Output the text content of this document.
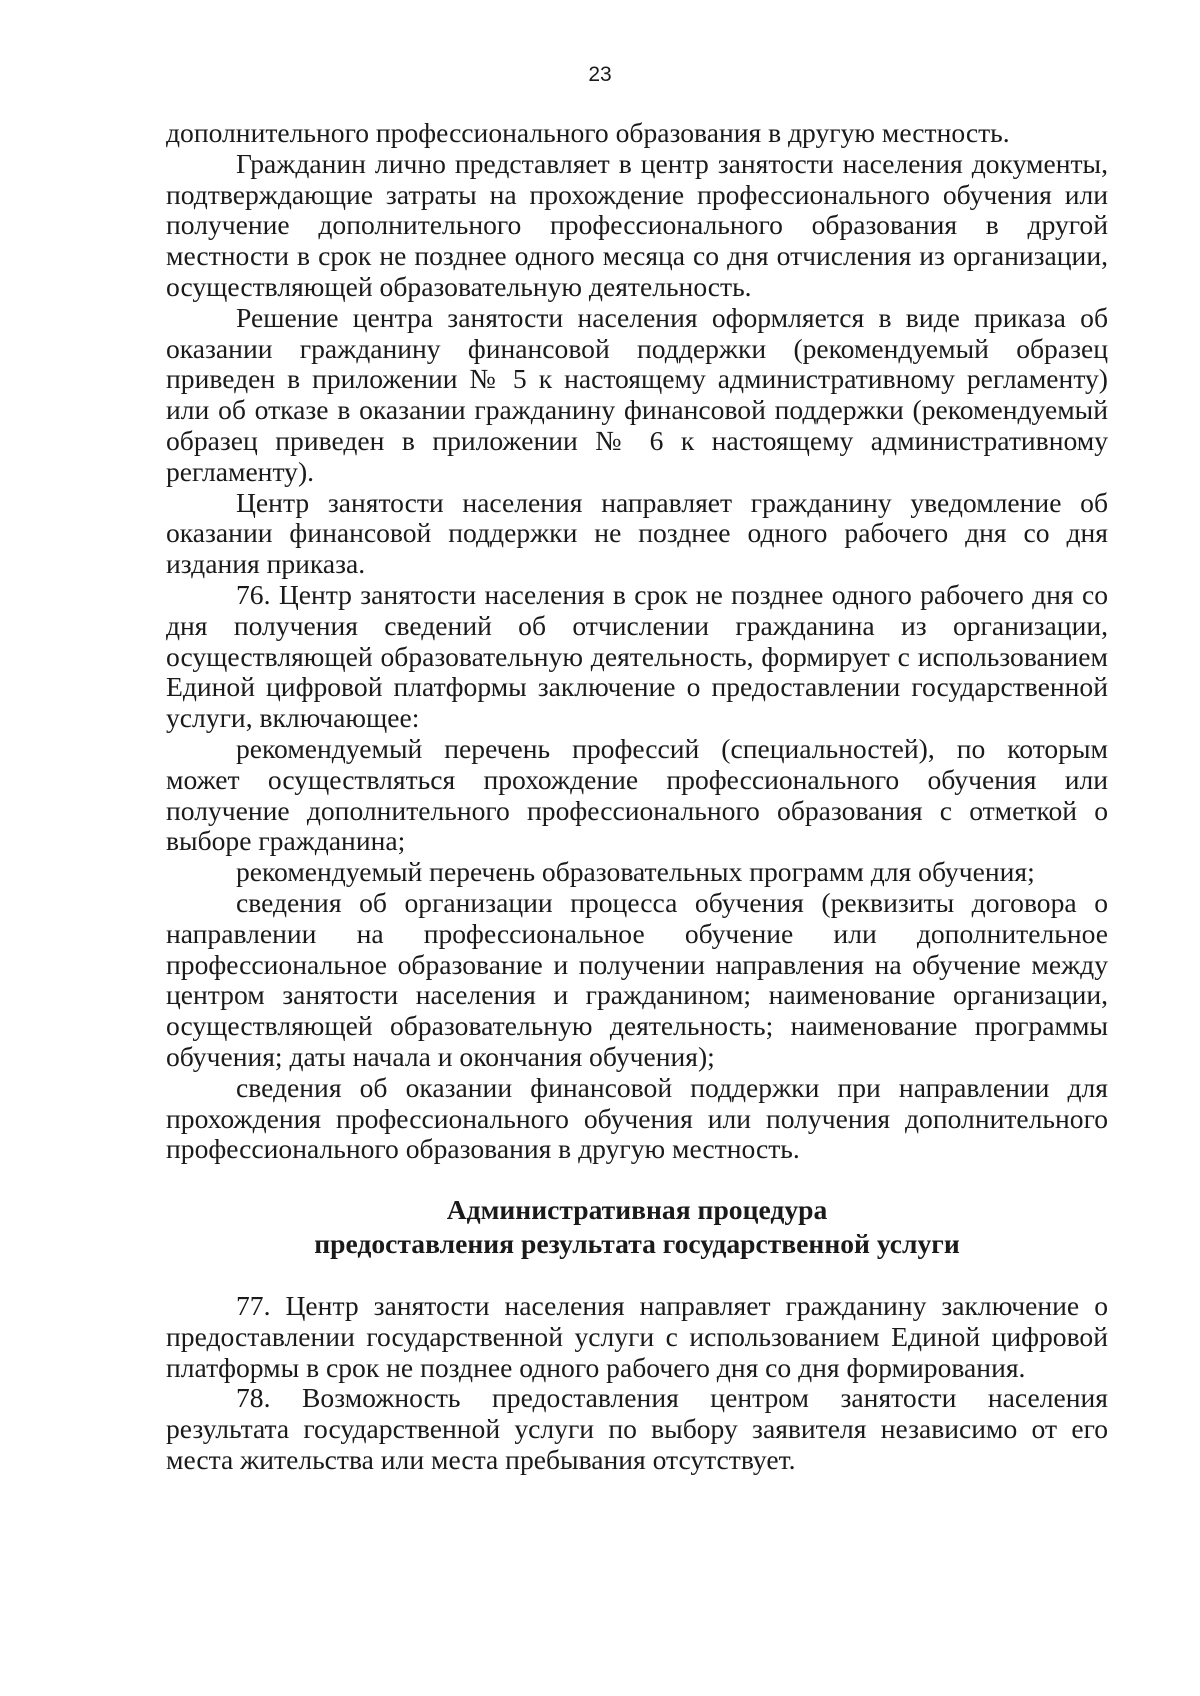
23

дополнительного профессионального образования в другую местность.

Гражданин лично представляет в центр занятости населения документы, подтверждающие затраты на прохождение профессионального обучения или получение дополнительного профессионального образования в другой местности в срок не позднее одного месяца со дня отчисления из организации, осуществляющей образовательную деятельность.

Решение центра занятости населения оформляется в виде приказа об оказании гражданину финансовой поддержки (рекомендуемый образец приведен в приложении № 5 к настоящему административному регламенту) или об отказе в оказании гражданину финансовой поддержки (рекомендуемый образец приведен в приложении № 6 к настоящему административному регламенту).

Центр занятости населения направляет гражданину уведомление об оказании финансовой поддержки не позднее одного рабочего дня со дня издания приказа.

76. Центр занятости населения в срок не позднее одного рабочего дня со дня получения сведений об отчислении гражданина из организации, осуществляющей образовательную деятельность, формирует с использованием Единой цифровой платформы заключение о предоставлении государственной услуги, включающее:

рекомендуемый перечень профессий (специальностей), по которым может осуществляться прохождение профессионального обучения или получение дополнительного профессионального образования с отметкой о выборе гражданина;

рекомендуемый перечень образовательных программ для обучения;

сведения об организации процесса обучения (реквизиты договора о направлении на профессиональное обучение или дополнительное профессиональное образование и получении направления на обучение между центром занятости населения и гражданином; наименование организации, осуществляющей образовательную деятельность; наименование программы обучения; даты начала и окончания обучения);

сведения об оказании финансовой поддержки при направлении для прохождения профессионального обучения или получения дополнительного профессионального образования в другую местность.

Административная процедура
предоставления результата государственной услуги

77. Центр занятости населения направляет гражданину заключение о предоставлении государственной услуги с использованием Единой цифровой платформы в срок не позднее одного рабочего дня со дня формирования.

78. Возможность предоставления центром занятости населения результата государственной услуги по выбору заявителя независимо от его места жительства или места пребывания отсутствует.
